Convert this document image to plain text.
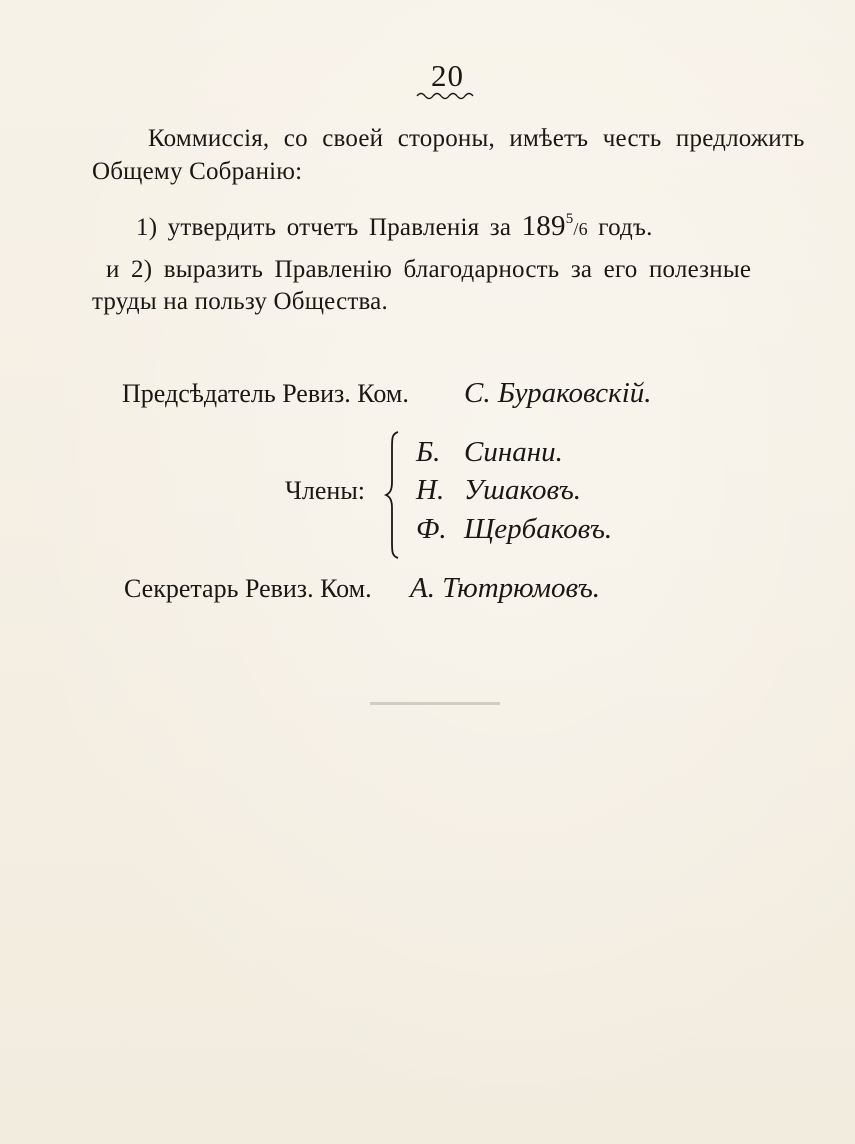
20
Коммиссія, со своей стороны, имѣетъ честь предложить
Общему Собранію:
1) утвердить отчетъ Правленія за $189^5/6$ годъ.
и 2) выразить Правленію благодарность за его полезные
труды на пользу Общества.
Предсѣдатель Ревиз. Ком. С. Бураковскій.
Члены:
Б. Синани.
Н. Ушаковъ.
Ф. Щербаковъ.
Секретарь Ревиз. Ком. А. Тютрюмовъ.
